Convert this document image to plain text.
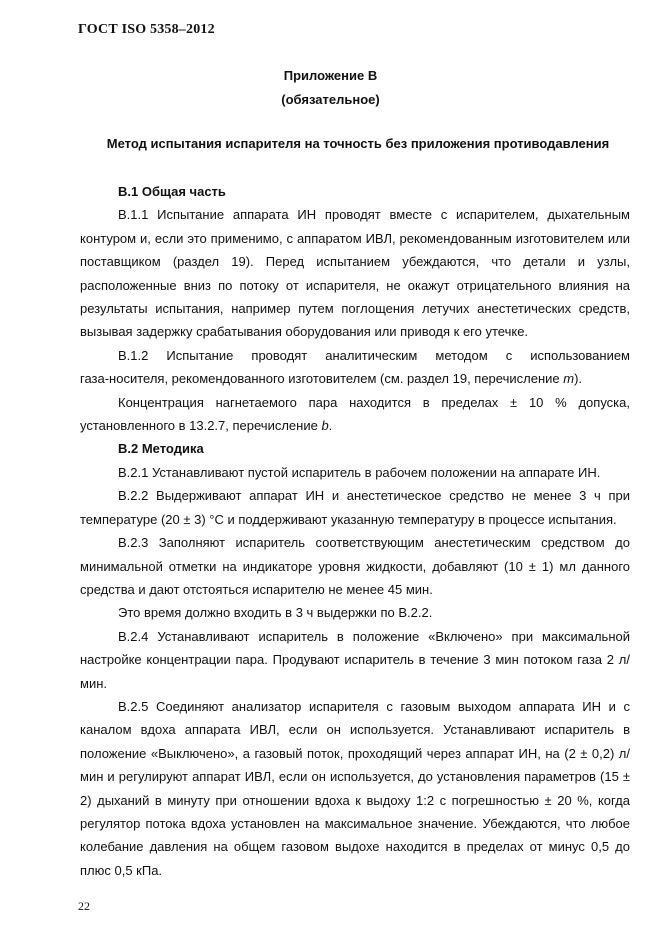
ГОСТ ISO 5358–2012
Приложение В
(обязательное)
Метод испытания испарителя на точность без приложения противодавления

В.1 Общая часть

В.1.1 Испытание аппарата ИН проводят вместе с испарителем, дыхательным контуром и, если это применимо, с аппаратом ИВЛ, рекомендованным изготовителем или поставщиком (раздел 19). Перед испытанием убеждаются, что детали и узлы, расположенные вниз по потоку от испарителя, не окажут отрицательного влияния на результаты испытания, например путем поглощения летучих анестетических средств, вызывая задержку срабатывания оборудования или приводя к его утечке.

В.1.2 Испытание проводят аналитическим методом с использованием

газа-носителя, рекомендованного изготовителем (см. раздел 19, перечисление m).

Концентрация нагнетаемого пара находится в пределах ± 10 % допуска, установленного в 13.2.7, перечисление b.

В.2 Методика

В.2.1 Устанавливают пустой испаритель в рабочем положении на аппарате ИН.

В.2.2 Выдерживают аппарат ИН и анестетическое средство не менее 3 ч при температуре (20 ± 3) °С и поддерживают указанную температуру в процессе испытания.

В.2.3 Заполняют испаритель соответствующим анестетическим средством до минимальной отметки на индикаторе уровня жидкости, добавляют (10 ± 1) мл данного средства и дают отстояться испарителю не менее 45 мин.

Это время должно входить в 3 ч выдержки по В.2.2.

В.2.4 Устанавливают испаритель в положение «Включено» при максимальной настройке концентрации пара. Продувают испаритель в течение 3 мин потоком газа 2 л/мин.

В.2.5 Соединяют анализатор испарителя с газовым выходом аппарата ИН и с каналом вдоха аппарата ИВЛ, если он используется. Устанавливают испаритель в положение «Выключено», а газовый поток, проходящий через аппарат ИН, на (2 ± 0,2) л/мин и регулируют аппарат ИВЛ, если он используется, до установления параметров (15 ± 2) дыханий в минуту при отношении вдоха к выдоху 1:2 с погрешностью ± 20 %, когда регулятор потока вдоха установлен на максимальное значение. Убеждаются, что любое колебание давления на общем газовом выдохе находится в пределах от минус 0,5 до плюс 0,5 кПа.

22
